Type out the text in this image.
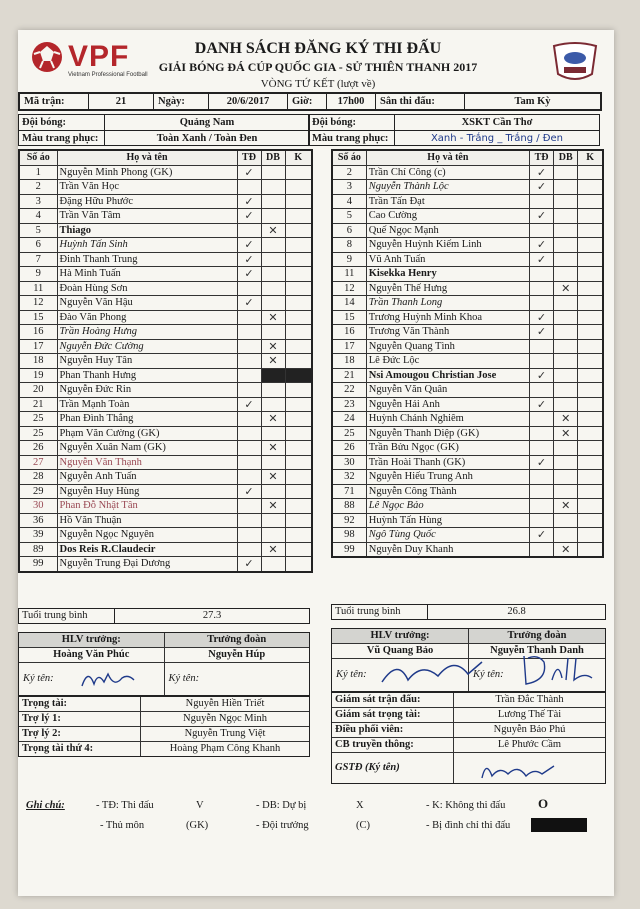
VPF
Vietnam Professional Football
DANH SÁCH ĐĂNG KÝ THI ĐẤU
GIẢI BÓNG ĐÁ CÚP QUỐC GIA - SỬ THIÊN THANH 2017
VÒNG TỨ KẾT (lượt về)
Mã trận:	21	Ngày:	20/6/2017	Giờ:	17h00	Sân thi đấu:	Tam Kỳ
Đội bóng:	Quảng Nam
Màu trang phục:	Toàn Xanh / Toàn Đen
Đội bóng:	XSKT Cần Thơ
Màu trang phục:	Xanh - Trắng _ Trắng / Đen
Số áo	Họ và tên	TĐ	DB	K
1	Nguyễn Minh Phong (GK)	✓		
2	Trần Văn Học			
3	Đặng Hữu Phước	✓		
4	Trần Văn Tâm	✓		
5	Thiago		✕	
6	Huỳnh Tấn Sinh	✓		
7	Đinh Thanh Trung	✓		
9	Hà Minh Tuấn	✓		
11	Đoàn Hùng Sơn			
12	Nguyễn Văn Hậu	✓		
15	Đào Văn Phong		✕	
16	Trần Hoàng Hưng			
17	Nguyễn Đức Cường		✕	
18	Nguyễn Huy Tân		✕	
19	Phan Thanh Hưng			
20	Nguyễn Đức Rin			
21	Trần Mạnh Toàn	✓		
25	Phan Đình Thắng		✕	
25	Phạm Văn Cường (GK)			
26	Nguyễn Xuân Nam (GK)		✕	
27	Nguyễn Văn Thạnh			
28	Nguyễn Anh Tuấn		✕	
29	Nguyễn Huy Hùng	✓		
30	Phan Đỗ Nhật Tân		✕	
36	Hồ Văn Thuận			
39	Nguyễn Ngọc Nguyên			
89	Dos Reis R.Claudecir		✕	
99	Nguyễn Trung Đại Dương	✓		
Số áo	Họ và tên	TĐ	DB	K
2	Trần Chí Công (c)	✓		
3	Nguyễn Thành Lộc	✓		
4	Trần Tấn Đạt			
5	Cao Cường	✓		
6	Quế Ngọc Mạnh			
8	Nguyễn Huỳnh Kiếm Linh	✓		
9	Vũ Anh Tuấn	✓		
11	Kisekka Henry			
12	Nguyễn Thế Hưng		✕	
14	Trần Thanh Long			
15	Trương Huỳnh Minh Khoa	✓		
16	Trương Văn Thành	✓		
17	Nguyễn Quang Tình			
18	Lê Đức Lộc			
21	Nsi Amougou Christian Jose	✓		
22	Nguyễn Văn Quân			
23	Nguyễn Hải Anh	✓		
24	Huỳnh Chánh Nghiêm		✕	
25	Nguyễn Thanh Diệp (GK)		✕	
26	Trần Bửu Ngọc (GK)			
30	Trần Hoài Thanh (GK)	✓		
32	Nguyễn Hiếu Trung Anh			
71	Nguyễn Công Thành			
88	Lê Ngọc Bảo		✕	
92	Huỳnh Tấn Hùng			
98	Ngô Tùng Quốc	✓		
99	Nguyễn Duy Khanh		✕	
Tuổi trung bình	27.3	Tuổi trung bình	26.8
HLV trưởng:	Trưởng đoàn
Hoàng Văn Phúc	Nguyễn Húp
Ký tên:	Ký tên:
HLV trưởng:	Trưởng đoàn
Vũ Quang Bảo	Nguyễn Thanh Danh
Ký tên:	Ký tên:
Trọng tài:	Nguyễn Hiền Triết
Trợ lý 1:	Nguyễn Ngọc Minh
Trợ lý 2:	Nguyễn Trung Việt
Trọng tài thứ 4:	Hoàng Phạm Công Khanh
Giám sát trận đấu:	Trần Đắc Thành
Giám sát trọng tài:	Lương Thế Tài
Điều phối viên:	Nguyễn Bảo Phú
CB truyền thông:	Lê Phước Cầm
GSTĐ (Ký tên)
Ghi chú:	- TĐ: Thi đấu	V	- DB: Dự bị	X	- K: Không thi đấu	O
- Thủ môn	(GK)	- Đội trưởng	(C)	- Bị đình chỉ thi đấu
